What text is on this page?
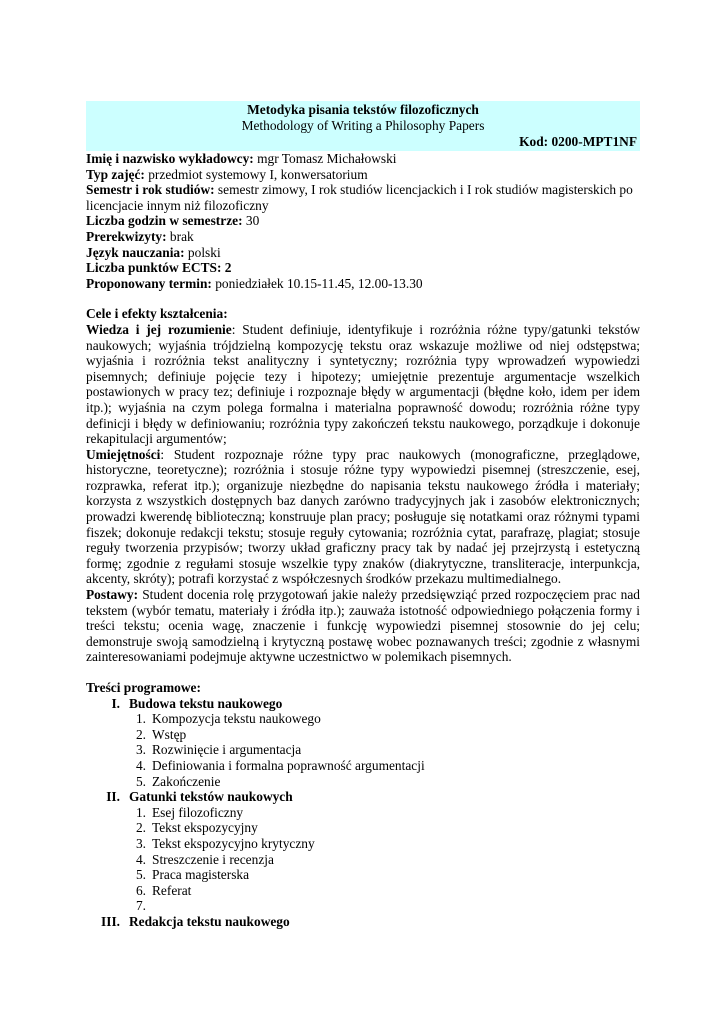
Metodyka pisania tekstów filozoficznych
Methodology of Writing a Philosophy Papers
Kod: 0200-MPT1NF

Imię i nazwisko wykładowcy: mgr Tomasz Michałowski

Typ zajęć: przedmiot systemowy I, konwersatorium

Semestr i rok studiów: semestr zimowy, I rok studiów licencjackich i I rok studiów magisterskich po licencjacie innym niż filozoficzny

Liczba godzin w semestrze: 30

Prerekwizyty: brak

Język nauczania: polski

Liczba punktów ECTS: 2

Proponowany termin: poniedziałek 10.15-11.45, 12.00-13.30

Cele i efekty kształcenia:

Wiedza i jej rozumienie: Student definiuje, identyfikuje i rozróżnia różne typy/gatunki tekstów naukowych; wyjaśnia trójdzielną kompozycję tekstu oraz wskazuje możliwe od niej odstępstwa; wyjaśnia i rozróżnia tekst analityczny i syntetyczny; rozróżnia typy wprowadzeń wypowiedzi pisemnych; definiuje pojęcie tezy i hipotezy; umiejętnie prezentuje argumentacje wszelkich postawionych w pracy tez; definiuje i rozpoznaje błędy w argumentacji (błędne koło, idem per idem itp.); wyjaśnia na czym polega formalna i materialna poprawność dowodu; rozróżnia różne typy definicji i błędy w definiowaniu; rozróżnia typy zakończeń tekstu naukowego, porządkuje i dokonuje rekapitulacji argumentów;

Umiejętności: Student rozpoznaje różne typy prac naukowych (monograficzne, przeglądowe, historyczne, teoretyczne); rozróżnia i stosuje różne typy wypowiedzi pisemnej (streszczenie, esej, rozprawka, referat itp.); organizuje niezbędne do napisania tekstu naukowego źródła i materiały; korzysta z wszystkich dostępnych baz danych zarówno tradycyjnych jak i zasobów elektronicznych; prowadzi kwerendę biblioteczną; konstruuje plan pracy; posługuje się notatkami oraz różnymi typami fiszek; dokonuje redakcji tekstu; stosuje reguły cytowania; rozróżnia cytat, parafrazę, plagiat; stosuje reguły tworzenia przypisów; tworzy układ graficzny pracy tak by nadać jej przejrzystą i estetyczną formę; zgodnie z regułami stosuje wszelkie typy znaków (diakrytyczne, transliteracje, interpunkcja, akcenty, skróty); potrafi korzystać z współczesnych środków przekazu multimedialnego.

Postawy: Student docenia rolę przygotowań jakie należy przedsięwziąć przed rozpoczęciem prac nad tekstem (wybór tematu, materiały i źródła itp.); zauważa istotność odpowiedniego połączenia formy i treści tekstu; ocenia wagę, znaczenie i funkcję wypowiedzi pisemnej stosownie do jej celu; demonstruje swoją samodzielną i krytyczną postawę wobec poznawanych treści; zgodnie z własnymi zainteresowaniami podejmuje aktywne uczestnictwo w polemikach pisemnych.

Treści programowe:

I. Budowa tekstu naukowego
1. Kompozycja tekstu naukowego
2. Wstęp
3. Rozwinięcie i argumentacja
4. Definiowania i formalna poprawność argumentacji
5. Zakończenie
II. Gatunki tekstów naukowych
1. Esej filozoficzny
2. Tekst ekspozycyjny
3. Tekst ekspozycyjno krytyczny
4. Streszczenie i recenzja
5. Praca magisterska
6. Referat
7.
III. Redakcja tekstu naukowego
